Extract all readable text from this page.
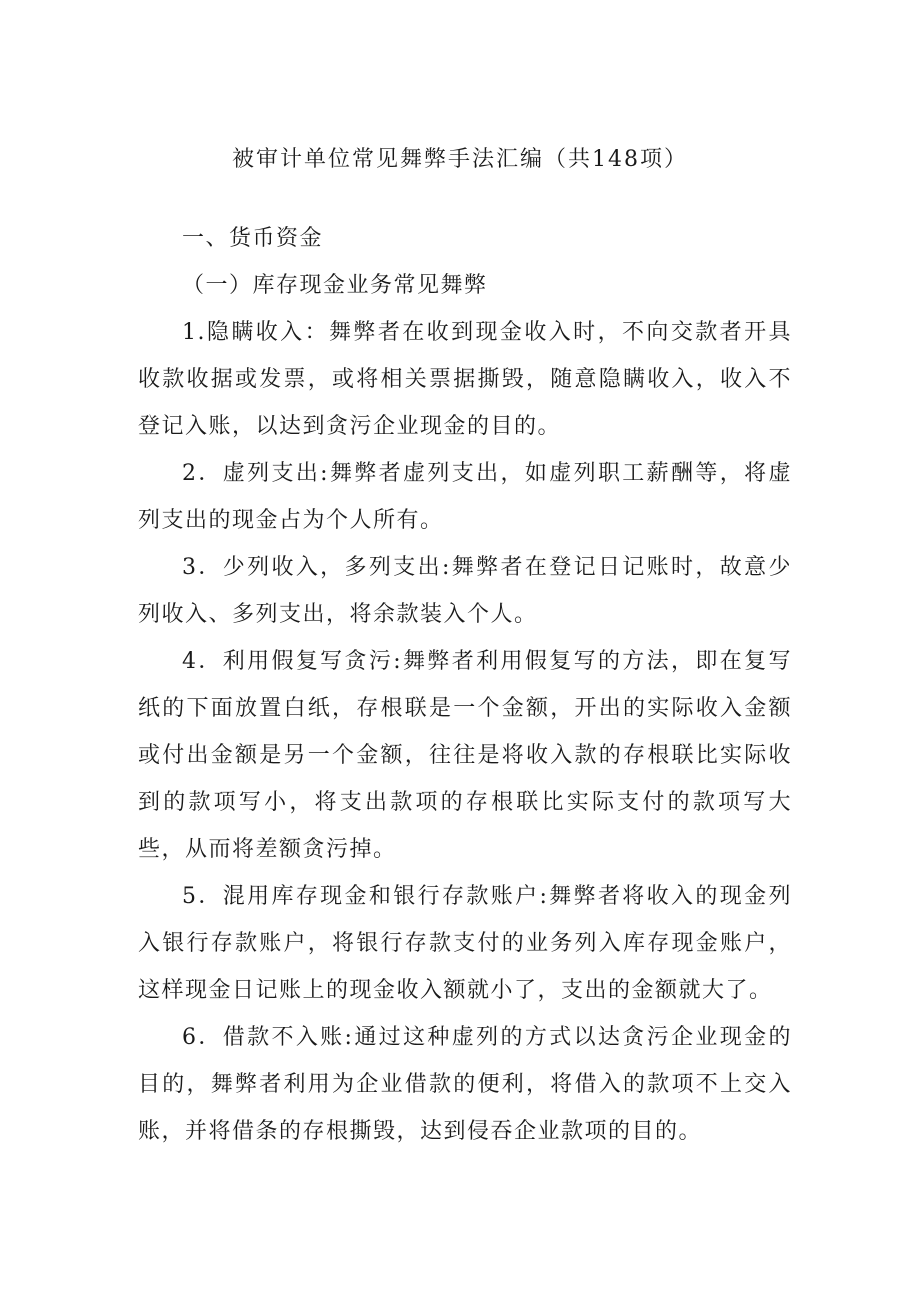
被审计单位常见舞弊手法汇编（共148项）

一、货币资金

（一）库存现金业务常见舞弊

1.隐瞒收入：舞弊者在收到现金收入时，不向交款者开具收款收据或发票，或将相关票据撕毁，随意隐瞒收入，收入不登记入账，以达到贪污企业现金的目的。

2．虚列支出:舞弊者虚列支出，如虚列职工薪酬等，将虚列支出的现金占为个人所有。

3．少列收入，多列支出:舞弊者在登记日记账时，故意少列收入、多列支出，将余款装入个人。

4．利用假复写贪污:舞弊者利用假复写的方法，即在复写纸的下面放置白纸，存根联是一个金额，开出的实际收入金额或付出金额是另一个金额，往往是将收入款的存根联比实际收到的款项写小，将支出款项的存根联比实际支付的款项写大些，从而将差额贪污掉。

5．混用库存现金和银行存款账户:舞弊者将收入的现金列入银行存款账户，将银行存款支付的业务列入库存现金账户，这样现金日记账上的现金收入额就小了，支出的金额就大了。

6．借款不入账:通过这种虚列的方式以达贪污企业现金的目的，舞弊者利用为企业借款的便利，将借入的款项不上交入账，并将借条的存根撕毁，达到侵吞企业款项的目的。
